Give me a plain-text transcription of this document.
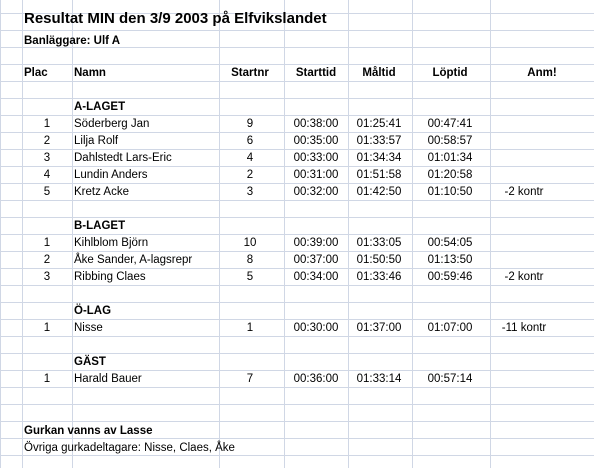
Resultat MIN den 3/9 2003 på Elfvikslandet
Banläggare: Ulf A
Plac	Namn	Startnr	Starttid	Måltid	Löptid	Anm!
A-LAGET
1	Söderberg Jan	9	00:38:00	01:25:41	00:47:41
2	Lilja Rolf	6	00:35:00	01:33:57	00:58:57
3	Dahlstedt Lars-Eric	4	00:33:00	01:34:34	01:01:34
4	Lundin Anders	2	00:31:00	01:51:58	01:20:58
5	Kretz Acke	3	00:32:00	01:42:50	01:10:50	-2 kontr
B-LAGET
1	Kihlblom Björn	10	00:39:00	01:33:05	00:54:05
2	Åke Sander, A-lagsrepr	8	00:37:00	01:50:50	01:13:50
3	Ribbing Claes	5	00:34:00	01:33:46	00:59:46	-2 kontr
Ö-LAG
1	Nisse	1	00:30:00	01:37:00	01:07:00	-11 kontr
GÄST
1	Harald Bauer	7	00:36:00	01:33:14	00:57:14
Gurkan vanns av Lasse
Övriga gurkadeltagare: Nisse, Claes, Åke
